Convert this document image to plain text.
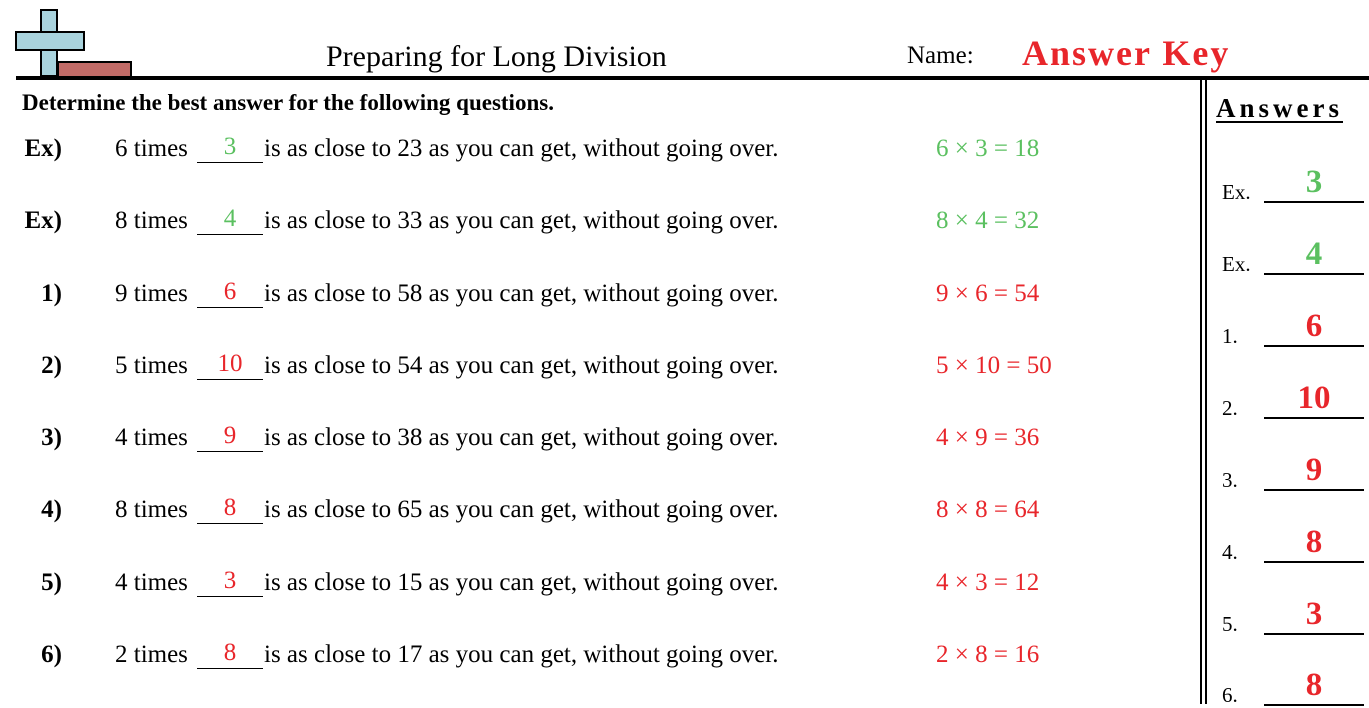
Preparing for Long Division	Name: Answer Key
Determine the best answer for the following questions.	Answers
Ex) 6 times	3	is as close to 23 as you can get, without going over.	6 × 3 = 18
Ex) 8 times	4	is as close to 33 as you can get, without going over.	8 × 4 = 32
1) 9 times	6	is as close to 58 as you can get, without going over.	9 × 6 = 54
2) 5 times	10 is as close to 54 as you can get, without going over.	5 × 10 = 50
3) 4 times	9	is as close to 38 as you can get, without going over.	4 × 9 = 36
4) 8 times	8	is as close to 65 as you can get, without going over.	8 × 8 = 64
5) 4 times	3	is as close to 15 as you can get, without going over.	4 × 3 = 12
6) 2 times	8	is as close to 17 as you can get, without going over.	2 × 8 = 16
Ex.	3
Ex.	4
1.	6
2.	10
3.	9
4.	8
5.	3
6.	8
